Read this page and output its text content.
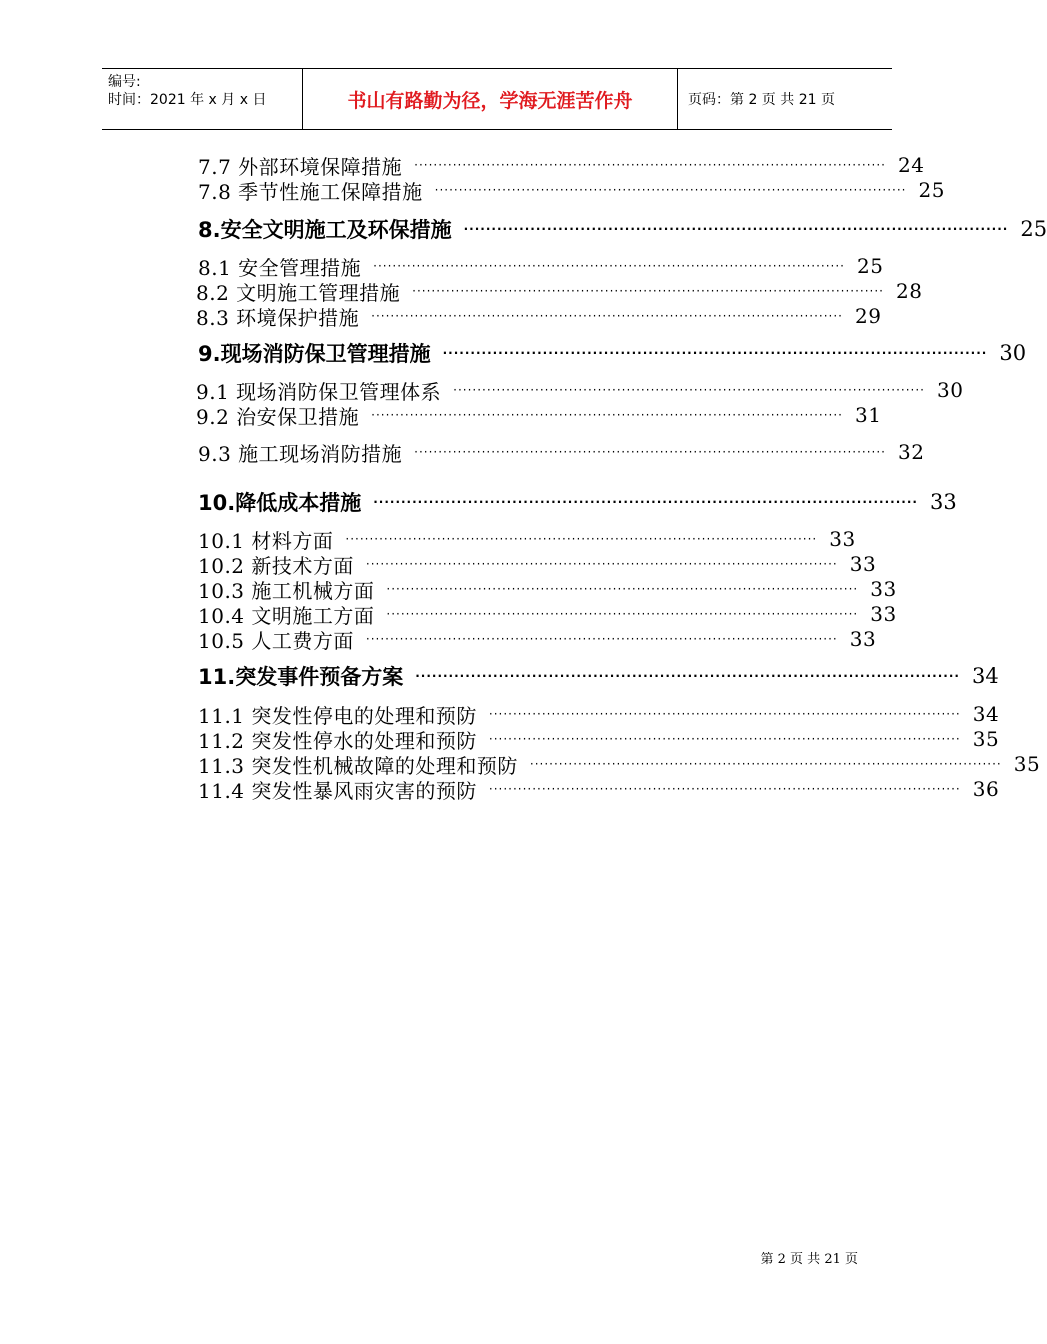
编号:
时间：2021 年 x 月 x 日	书山有路勤为径，学海无涯苦作舟	页码：第 2 页 共 21 页
7.7 外部环境保障措施 ·································································································· 24
7.8 季节性施工保障措施 ·································································································· 25
8.安全文明施工及环保措施 ·································································································· 25
8.1 安全管理措施 ·································································································· 25
8.2 文明施工管理措施 ·································································································· 28
8.3 环境保护措施 ·································································································· 29
9.现场消防保卫管理措施 ·································································································· 30
9.1 现场消防保卫管理体系 ·································································································· 30
9.2 治安保卫措施 ·································································································· 31
9.3 施工现场消防措施 ·································································································· 32
10.降低成本措施 ·································································································· 33
10.1 材料方面 ·································································································· 33
10.2 新技术方面 ·································································································· 33
10.3 施工机械方面 ·································································································· 33
10.4 文明施工方面 ·································································································· 33
10.5 人工费方面 ·································································································· 33
11.突发事件预备方案 ·································································································· 34
11.1 突发性停电的处理和预防 ·································································································· 34
11.2 突发性停水的处理和预防 ·································································································· 35
11.3 突发性机械故障的处理和预防 ·································································································· 35
11.4 突发性暴风雨灾害的预防 ·································································································· 36
第 2 页 共 21 页
